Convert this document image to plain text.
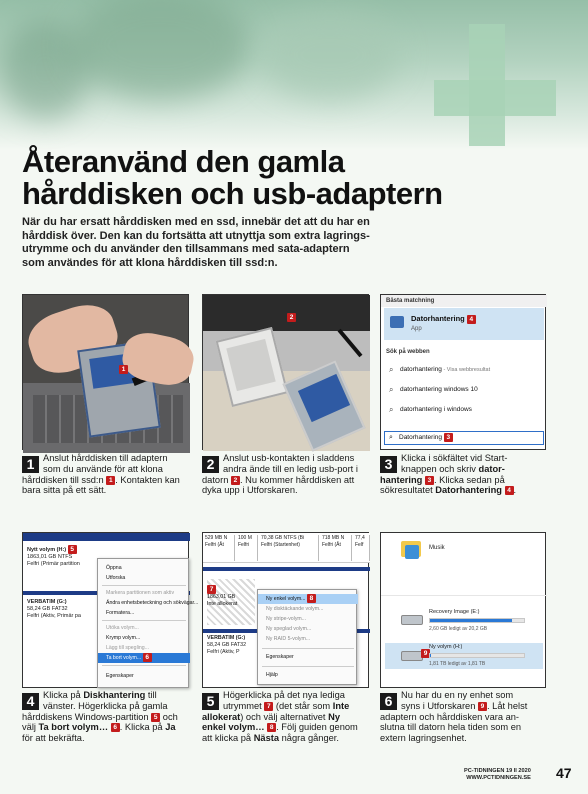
Återanvänd den gamla
hårddisken och usb-adaptern
När du har ersatt hårddisken med en ssd, innebär det att du har en
hårddisk över. Den kan du fortsätta att utnyttja som extra lagrings-
utrymme och du använder den tillsammans med sata-adaptern
som användes för att klona hårddisken till ssd:n.
1
2
Bästa matchning
Datorhantering 4
App
Sök på webben
⌕ datorhantering - Visa webbresultat
⌕ datorhantering windows 10
⌕ datorhantering i windows
⌕ Datorhantering 3
Nytt volym (H:) 5
1863,01 GB NTFS
Felfri (Primär partition
VERBATIM (G:)
58,24 GB FAT32
Felfri (Aktiv, Primär pa
Öppna
Utforska
Markera partitionen som aktiv
Ändra enhetsbeteckning och sökvägar...
Formatera...
Utöka volym...
Krymp volym...
Lägg till spegling...
Ta bort volym... 6
Egenskaper
529 MB N
Felfri (Åt
100 M
Felfri
70,38 GB NTFS (Bi
Felfri (Startenhet)
718 MB N
Felfri (Åt
77,4
Felf
7
1863,01 GB
Inte allokerat
VERBATIM (G:)
58,24 GB FAT32
Felfri (Aktiv, P
Ny enkel volym... 8
Ny disktäckande volym...
Ny stripe-volym...
Ny speglad volym...
Ny RAID 5-volym...
Egenskaper
Hjälp
Musik
Recovery Image (E:)
2,60 GB ledigt av 20,2 GB
9
Ny volym (H:)
1,81 TB ledigt av 1,81 TB
1 Anslut hårddisken till adaptern
som du använde för att klona
hårddisken till ssd:n 1 . Kontakten kan
bara sitta på ett sätt.
2 Anslut usb-kontakten i sladdens
andra ände till en ledig usb-port i
datorn 2 . Nu kommer hårddisken att
dyka upp i Utforskaren.
3 Klicka i sökfältet vid Start-
knappen och skriv dator-
hantering 3 . Klicka sedan på
sökresultatet Datorhantering 4 .
4 Klicka på Diskhantering till
vänster. Högerklicka på gamla
hårddiskens Windows-partition 5 och
välj Ta bort volym… 6 . Klicka på Ja
för att bekräfta.
5 Högerklicka på det nya lediga
utrymmet 7 (det står som Inte
allokerat) och välj alternativet Ny
enkel volym… 8 . Följ guiden genom
att klicka på Nästa några gånger.
6 Nu har du en ny enhet som
syns i Utforskaren 9 . Låt helst
adaptern och hårddisken vara an-
slutna till datorn hela tiden som en
extern lagringsenhet.
PC-TIDNINGEN 19 II 2020
WWW.PCTIDNINGEN.SE 47
